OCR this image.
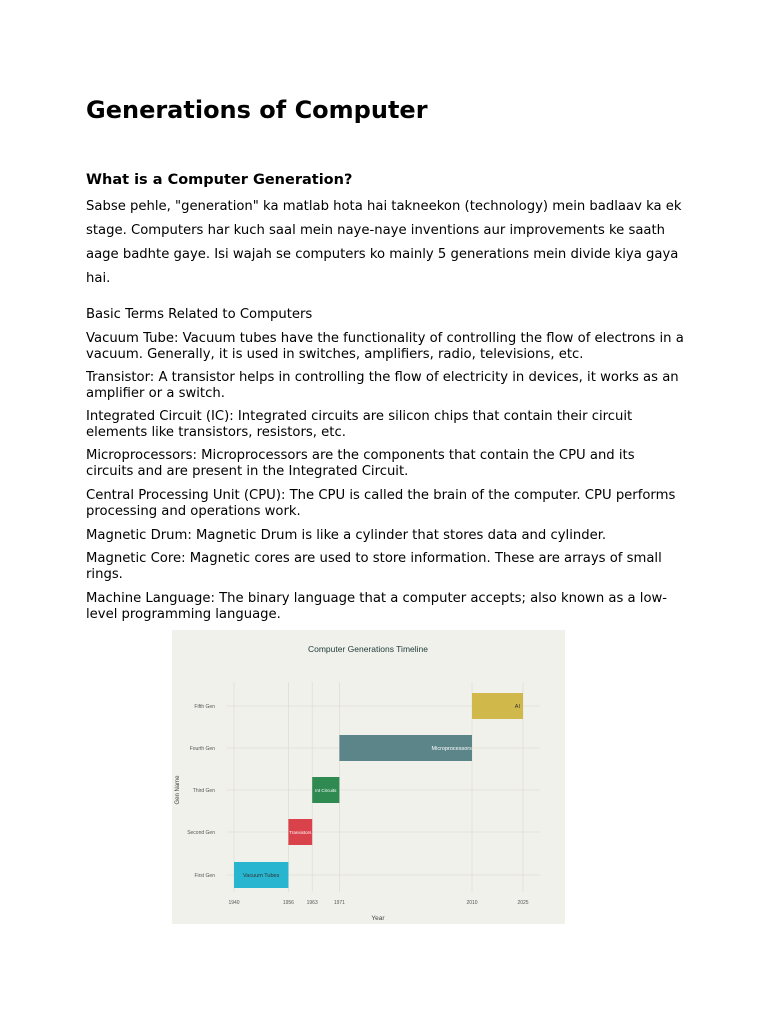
Generations of Computer
What is a Computer Generation?

Sabse pehle, "generation" ka matlab hota hai takneekon (technology) mein badlaav ka ek stage. Computers har kuch saal mein naye-naye inventions aur improvements ke saath aage badhte gaye. Isi wajah se computers ko mainly 5 generations mein divide kiya gaya hai.

Basic Terms Related to Computers

Vacuum Tube: Vacuum tubes have the functionality of controlling the flow of electrons in a vacuum. Generally, it is used in switches, amplifiers, radio, televisions, etc.

Transistor: A transistor helps in controlling the flow of electricity in devices, it works as an amplifier or a switch.

Integrated Circuit (IC): Integrated circuits are silicon chips that contain their circuit elements like transistors, resistors, etc.

Microprocessors: Microprocessors are the components that contain the CPU and its circuits and are present in the Integrated Circuit.

Central Processing Unit (CPU): The CPU is called the brain of the computer. CPU performs processing and operations work.

Magnetic Drum: Magnetic Drum is like a cylinder that stores data and cylinder.

Magnetic Core: Magnetic cores are used to store information. These are arrays of small rings.

Machine Language: The binary language that a computer accepts; also known as a low-level programming language.

Computer Generations Timeline
Vacuum Tubes
Transistors
Int Circuits
Microprocessors
AI
1940	1956	1963	1971	2010	2025
First Gen
Second Gen
Third Gen
Fourth Gen
Fifth Gen
Year
Gen Name
